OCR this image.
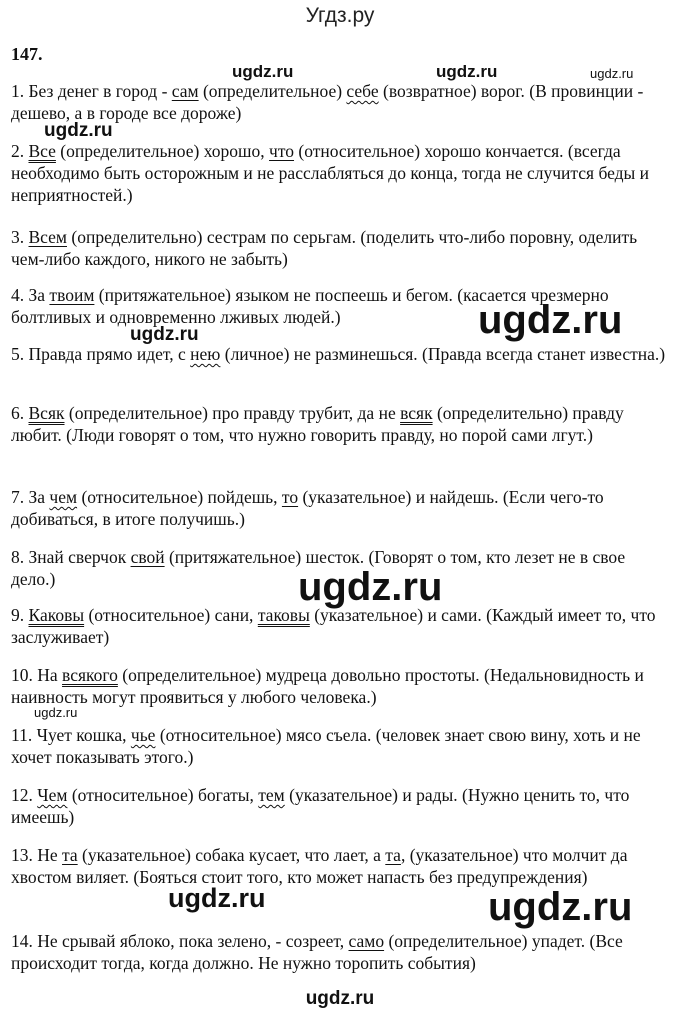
Угдз.ру
147.
ugdz.ru	ugdz.ru	ugdz.ru
ugdz.ru
ugdz.ru
ugdz.ru
ugdz.ru
ugdz.ru
ugdz.ru	ugdz.ru
1. Без денег в город - сам (определительное) себе (возвратное) ворог. (В провинции - дешево, а в городе все дороже)
2. Все (определительное) хорошо, что (относительное) хорошо кончается. (всегда необходимо быть осторожным и не расслабляться до конца, тогда не случится беды и неприятностей.)
3. Всем (определительно) сестрам по серьгам. (поделить что-либо поровну, оделить чем-либо каждого, никого не забыть)
4. За твоим (притяжательное) языком не поспеешь и бегом. (касается чрезмерно болтливых и одновременно лживых людей.)
5. Правда прямо идет, с нею (личное) не разминешься. (Правда всегда станет известна.)
6. Всяк (определительное) про правду трубит, да не всяк (определительно) правду любит. (Люди говорят о том, что нужно говорить правду, но порой сами лгут.)
7. За чем (относительное) пойдешь, то (указательное) и найдешь. (Если чего-то добиваться, в итоге получишь.)
8. Знай сверчок свой (притяжательное) шесток. (Говорят о том, кто лезет не в свое дело.)
9. Каковы (относительное) сани, таковы (указательное) и сами. (Каждый имеет то, что заслуживает)
10. На всякого (определительное) мудреца довольно простоты. (Недальновидность и наивность могут проявиться у любого человека.)
11. Чует кошка, чье (относительное) мясо съела. (человек знает свою вину, хоть и не хочет показывать этого.)
12. Чем (относительное) богаты, тем (указательное) и рады. (Нужно ценить то, что имеешь)
13. Не та (указательное) собака кусает, что лает, а та, (указательное) что молчит да хвостом виляет. (Бояться стоит того, кто может напасть без предупреждения)
14. Не срывай яблоко, пока зелено, - созреет, само (определительное) упадет. (Все происходит тогда, когда должно. Не нужно торопить события)
ugdz.ru
